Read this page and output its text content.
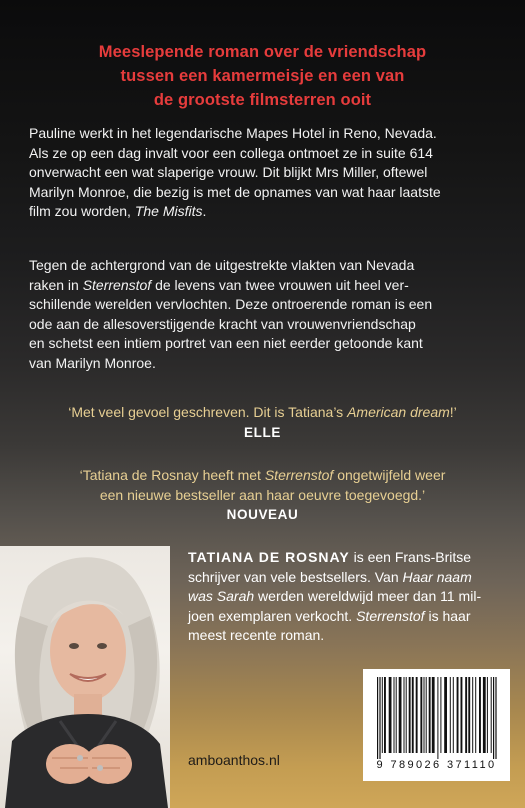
Meeslepende roman over de vriendschap
tussen een kamermeisje en een van
de grootste filmsterren ooit
Pauline werkt in het legendarische Mapes Hotel in Reno, Nevada.
Als ze op een dag invalt voor een collega ontmoet ze in suite 614
onverwacht een wat slaperige vrouw. Dit blijkt Mrs Miller, oftewel
Marilyn Monroe, die bezig is met de opnames van wat haar laatste
film zou worden, The Misfits.
Tegen de achtergrond van de uitgestrekte vlakten van Nevada
raken in Sterrenstof de levens van twee vrouwen uit heel ver-
schillende werelden vervlochten. Deze ontroerende roman is een
ode aan de allesoverstijgende kracht van vrouwenvriendschap
en schetst een intiem portret van een niet eerder getoonde kant
van Marilyn Monroe.
‘Met veel gevoel geschreven. Dit is Tatiana’s American dream!’
ELLE
‘Tatiana de Rosnay heeft met Sterrenstof ongetwijfeld weer
een nieuwe bestseller aan haar oeuvre toegevoegd.’
NOUVEAU
TATIANA DE ROSNAY is een Frans-Britse
schrijver van vele bestsellers. Van Haar naam
was Sarah werden wereldwijd meer dan 11 mil-
joen exemplaren verkocht. Sterrenstof is haar
meest recente roman.
9 789026 371110
amboanthos.nl
